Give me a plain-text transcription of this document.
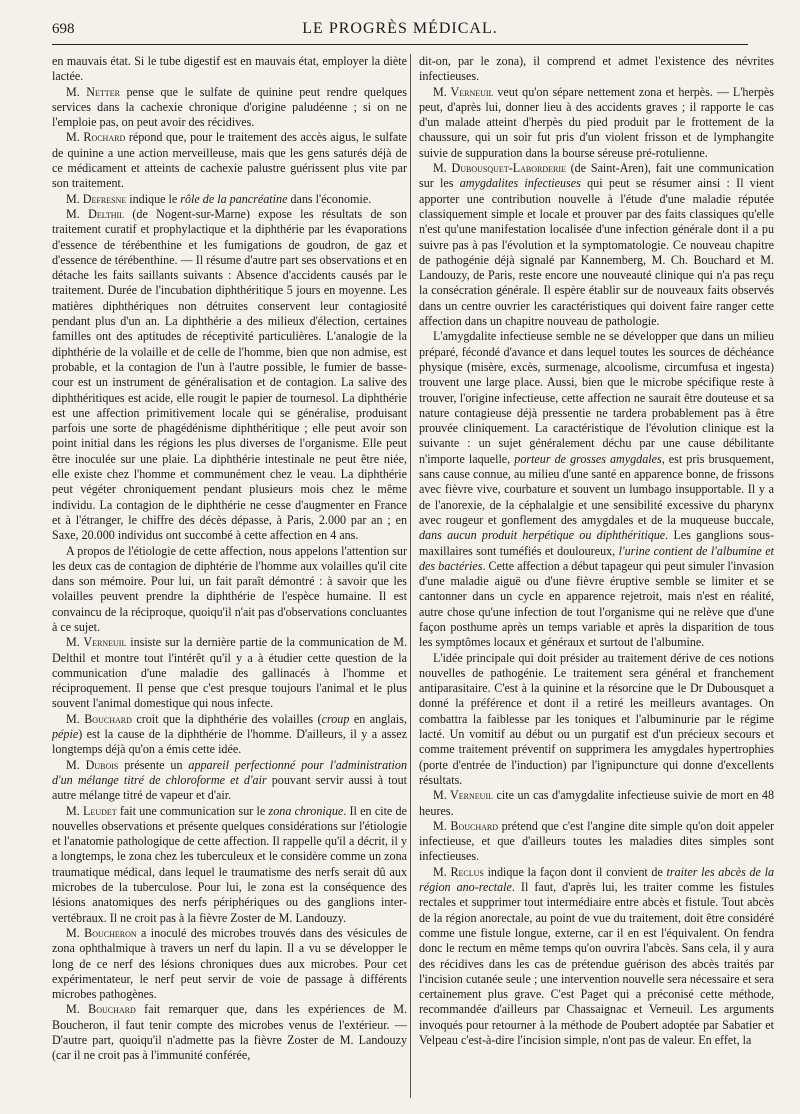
698	LE PROGRÈS MÉDICAL.

en mauvais état. Si le tube digestif est en mauvais état, employer la diète lactée.

M. Netter pense que le sulfate de quinine peut rendre quelques services dans la cachexie chronique d'origine paludéenne ; si on ne l'emploie pas, on peut avoir des récidives.

M. Rochard répond que, pour le traitement des accès aigus, le sulfate de quinine a une action merveilleuse, mais que les gens saturés déjà de ce médicament et atteints de cachexie palustre guérissent plus vite par son traitement.

M. Defresne indique le rôle de la pancréatine dans l'économie.

M. Delthil (de Nogent-sur-Marne) expose les résultats de son traitement curatif et prophylactique et la diphthérie par les évaporations d'essence de térébenthine et les fumigations de goudron, de gaz et d'essence de térébenthine. — Il résume d'autre part ses observations et en détache les faits saillants suivants : Absence d'accidents causés par le traitement. Durée de l'incubation diphthéritique 5 jours en moyenne. Les matières diphthériques non détruites conservent leur contagiosité pendant plus d'un an. La diphthérie a des milieux d'élection, certaines familles ont des aptitudes de réceptivité particulières. L'analogie de la diphthérie de la volaille et de celle de l'homme, bien que non admise, est probable, et la contagion de l'un à l'autre possible, le fumier de basse-cour est un instrument de généralisation et de contagion. La salive des diphthéritiques est acide, elle rougit le papier de tournesol. La diphthérie est une affection primitivement locale qui se généralise, produisant parfois une sorte de phagédénisme diphthéritique ; elle peut avoir son point initial dans les régions les plus diverses de l'organisme. Elle peut être inoculée sur une plaie. La diphthérie intestinale ne peut être niée, elle existe chez l'homme et communément chez le veau. La diphthérie peut végéter chroniquement pendant plusieurs mois chez le même individu. La contagion de le diphthérie ne cesse d'augmenter en France et à l'étranger, le chiffre des décès dépasse, à Paris, 2.000 par an ; en Saxe, 20.000 individus ont succombé à cette affection en 4 ans.

A propos de l'étiologie de cette affection, nous appelons l'attention sur les deux cas de contagion de diphtérie de l'homme aux volailles qu'il cite dans son mémoire. Pour lui, un fait paraît démontré : à savoir que les volailles peuvent prendre la diphthérie de l'espèce humaine. Il est convaincu de la réciproque, quoiqu'il n'ait pas d'observations concluantes à ce sujet.

M. Verneuil insiste sur la dernière partie de la communication de M. Delthil et montre tout l'intérêt qu'il y a à étudier cette question de la communication d'une maladie des gallinacés à l'homme et réciproquement. Il pense que c'est presque toujours l'animal et le plus souvent l'animal domestique qui nous infecte.

M. Bouchard croit que la diphthérie des volailles (croup en anglais, pépie) est la cause de la diphthérie de l'homme. D'ailleurs, il y a assez longtemps déjà qu'on a émis cette idée.

M. Dubois présente un appareil perfectionné pour l'administration d'un mélange titré de chloroforme et d'air pouvant servir aussi à tout autre mélange titré de vapeur et d'air.

M. Leudet fait une communication sur le zona chronique. Il en cite de nouvelles observations et présente quelques considérations sur l'étiologie et l'anatomie pathologique de cette affection. Il rappelle qu'il a décrit, il y a longtemps, le zona chez les tuberculeux et le considère comme un zona traumatique médical, dans lequel le traumatisme des nerfs serait dû aux microbes de la tuberculose. Pour lui, le zona est la conséquence des lésions anatomiques des nerfs périphériques ou des ganglions inter-vertébraux. Il ne croit pas à la fièvre Zoster de M. Landouzy.

M. Boucheron a inoculé des microbes trouvés dans des vésicules de zona ophthalmique à travers un nerf du lapin. Il a vu se développer le long de ce nerf des lésions chroniques dues aux microbes. Pour cet expérimentateur, le nerf peut servir de voie de passage à différents microbes pathogènes.

M. Bouchard fait remarquer que, dans les expériences de M. Boucheron, il faut tenir compte des microbes venus de l'extérieur. — D'autre part, quoiqu'il n'admette pas la fièvre Zoster de M. Landouzy (car il ne croit pas à l'immunité conférée,

dit-on, par le zona), il comprend et admet l'existence des névrites infectieuses.

M. Verneuil veut qu'on sépare nettement zona et herpès. — L'herpès peut, d'après lui, donner lieu à des accidents graves ; il rapporte le cas d'un malade atteint d'herpès du pied produit par le frottement de la chaussure, qui un soir fut pris d'un violent frisson et de lymphangite suivie de suppuration dans la bourse séreuse pré-rotulienne.

M. Dubousquet-Laborderie (de Saint-Aren), fait une communication sur les amygdalites infectieuses qui peut se résumer ainsi : Il vient apporter une contribution nouvelle à l'étude d'une maladie réputée classiquement simple et locale et prouver par des faits classiques qu'elle n'est qu'une manifestation localisée d'une infection générale dont il a pu suivre pas à pas l'évolution et la symptomatologie. Ce nouveau chapitre de pathogénie déjà signalé par Kannemberg, M. Ch. Bouchard et M. Landouzy, de Paris, reste encore une nouveauté clinique qui n'a pas reçu la consécration générale. Il espère établir sur de nouveaux faits observés dans un centre ouvrier les caractéristiques qui doivent faire ranger cette affection dans un chapitre nouveau de pathologie.

L'amygdalite infectieuse semble ne se développer que dans un milieu préparé, fécondé d'avance et dans lequel toutes les sources de déchéance physique (misère, excès, surmenage, alcoolisme, circumfusa et ingesta) trouvent une large place. Aussi, bien que le microbe spécifique reste à trouver, l'origine infectieuse, cette affection ne saurait être douteuse et sa nature contagieuse déjà pressentie ne tardera probablement pas à être prouvée cliniquement. La caractéristique de l'évolution clinique est la suivante : un sujet généralement déchu par une cause débilitante n'importe laquelle, porteur de grosses amygdales, est pris brusquement, sans cause connue, au milieu d'une santé en apparence bonne, de frissons avec fièvre vive, courbature et souvent un lumbago insupportable. Il y a de l'anorexie, de la céphalalgie et une sensibilité excessive du pharynx avec rougeur et gonflement des amygdales et de la muqueuse buccale, dans aucun produit herpétique ou diphthéritique. Les ganglions sous-maxillaires sont tuméfiés et douloureux, l'urine contient de l'albumine et des bactéries. Cette affection a début tapageur qui peut simuler l'invasion d'une maladie aiguë ou d'une fièvre éruptive semble se limiter et se cantonner dans un cycle en apparence rejetroit, mais n'est en réalité, autre chose qu'une infection de tout l'organisme qui ne relève que d'une façon posthume après un temps variable et après la disparition de tous les symptômes locaux et généraux et surtout de l'albumine.

L'idée principale qui doit présider au traitement dérive de ces notions nouvelles de pathogénie. Le traitement sera général et franchement antiparasitaire. C'est à la quinine et la résorcine que le Dr Dubousquet a donné la préférence et dont il a retiré les meilleurs avantages. On combattra la faiblesse par les toniques et l'albuminurie par le régime lacté. Un vomitif au début ou un purgatif est d'un précieux secours et comme traitement préventif on supprimera les amygdales hypertrophies (porte d'entrée de l'induction) par l'ignipuncture qui donne d'excellents résultats.

M. Verneuil cite un cas d'amygdalite infectieuse suivie de mort en 48 heures.

M. Bouchard prétend que c'est l'angine dite simple qu'on doit appeler infectieuse, et que d'ailleurs toutes les maladies dites simples sont infectieuses.

M. Reclus indique la façon dont il convient de traiter les abcès de la région ano-rectale. Il faut, d'après lui, les traiter comme les fistules rectales et supprimer tout intermédiaire entre abcès et fistule. Tout abcès de la région anorectale, au point de vue du traitement, doit être considéré comme une fistule longue, externe, car il en est l'équivalent. On fendra donc le rectum en même temps qu'on ouvrira l'abcès. Sans cela, il y aura des récidives dans les cas de prétendue guérison des abcès traités par l'incision cutanée seule ; une intervention nouvelle sera nécessaire et sera certainement plus grave. C'est Paget qui a préconisé cette méthode, recommandée d'ailleurs par Chassaignac et Verneuil. Les arguments invoqués pour retourner à la méthode de Poubert adoptée par Sabatier et Velpeau c'est-à-dire l'incision simple, n'ont pas de valeur. En effet, la
